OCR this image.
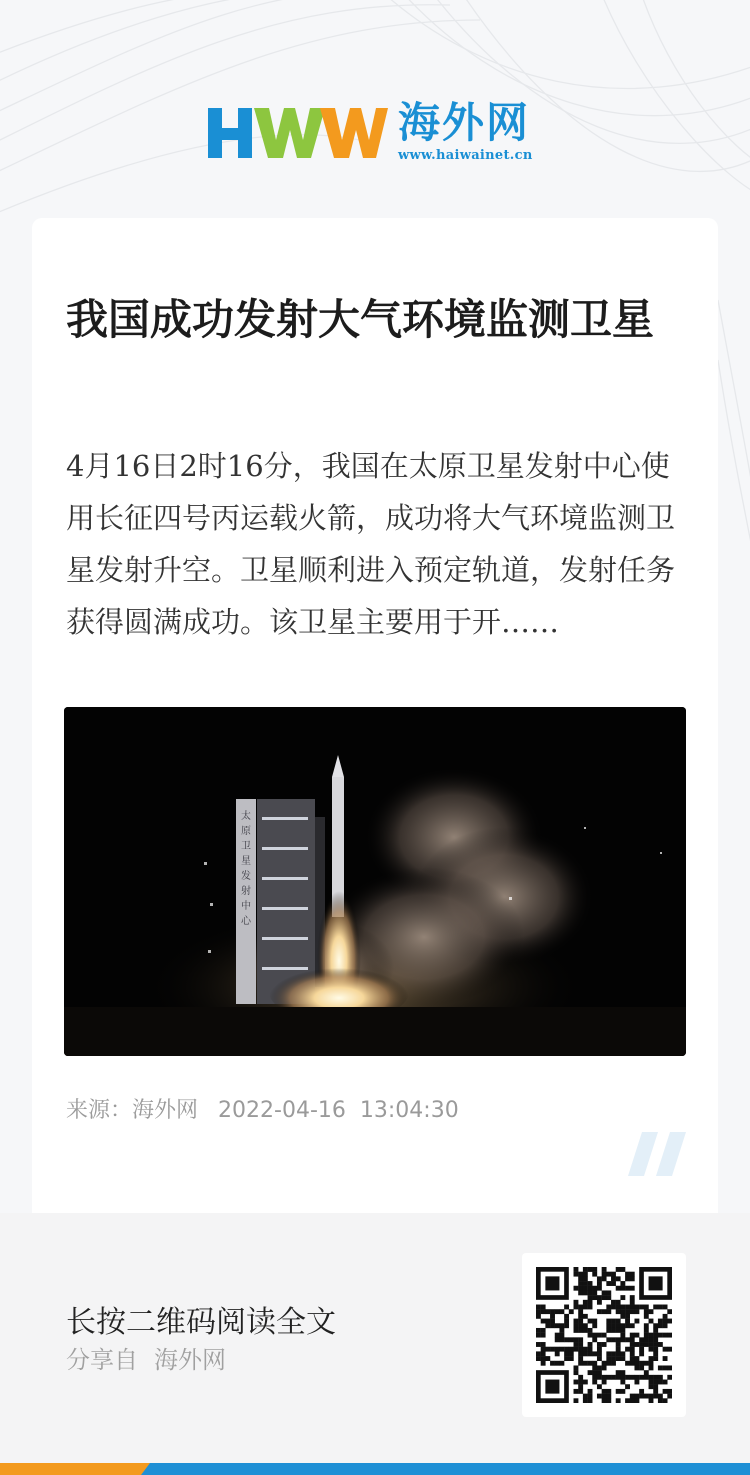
海外网
www.haiwainet.cn
我国成功发射大气环境监测卫星

4月16日2时16分，我国在太原卫星发射中心使用长征四号丙运载火箭，成功将大气环境监测卫星发射升空。卫星顺利进入预定轨道，发射任务获得圆满成功。该卫星主要用于开……

太
原
卫
星
发
射
中
心
来源：海外网 2022-04-16 13:04:30
长按二维码阅读全文
分享自 海外网
